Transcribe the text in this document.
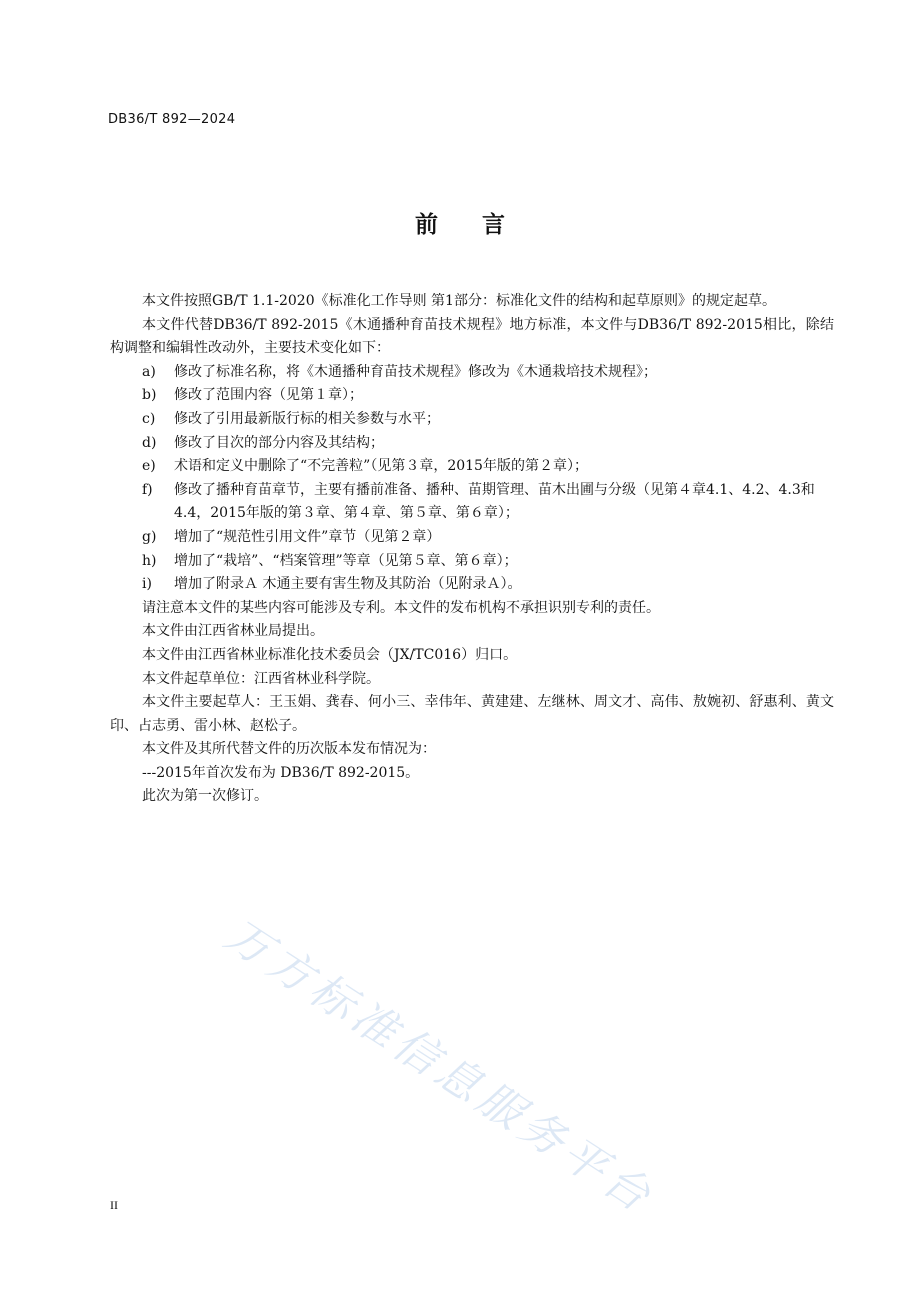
DB36/T 892—2024
前言

本文件按照GB/T 1.1-2020《标准化工作导则 第1部分：标准化文件的结构和起草原则》的规定起草。

本文件代替DB36/T 892-2015《木通播种育苗技术规程》地方标准，本文件与DB36/T 892-2015相比，除结构调整和编辑性改动外，主要技术变化如下：

a) 修改了标准名称，将《木通播种育苗技术规程》修改为《木通栽培技术规程》；

b) 修改了范围内容（见第１章）；

c) 修改了引用最新版行标的相关参数与水平；

d) 修改了目次的部分内容及其结构；

e) 术语和定义中删除了“不完善粒”（见第３章，2015年版的第２章）；

f) 修改了播种育苗章节，主要有播前准备、播种、苗期管理、苗木出圃与分级（见第４章4.1、4.2、4.3和4.4，2015年版的第３章、第４章、第５章、第６章）；

g) 增加了“规范性引用文件”章节（见第２章）

h) 增加了“栽培”、“档案管理”等章（见第５章、第６章）；

i) 增加了附录Ａ 木通主要有害生物及其防治（见附录Ａ）。

请注意本文件的某些内容可能涉及专利。本文件的发布机构不承担识别专利的责任。

本文件由江西省林业局提出。

本文件由江西省林业标准化技术委员会（JX/TC016）归口。

本文件起草单位：江西省林业科学院。

本文件主要起草人：王玉娟、龚春、何小三、幸伟年、黄建建、左继林、周文才、高伟、敖婉初、舒惠利、黄文印、占志勇、雷小林、赵松子。

本文件及其所代替文件的历次版本发布情况为：

---2015年首次发布为 DB36/T 892-2015。

此次为第一次修订。

万方标准信息服务平台
II
